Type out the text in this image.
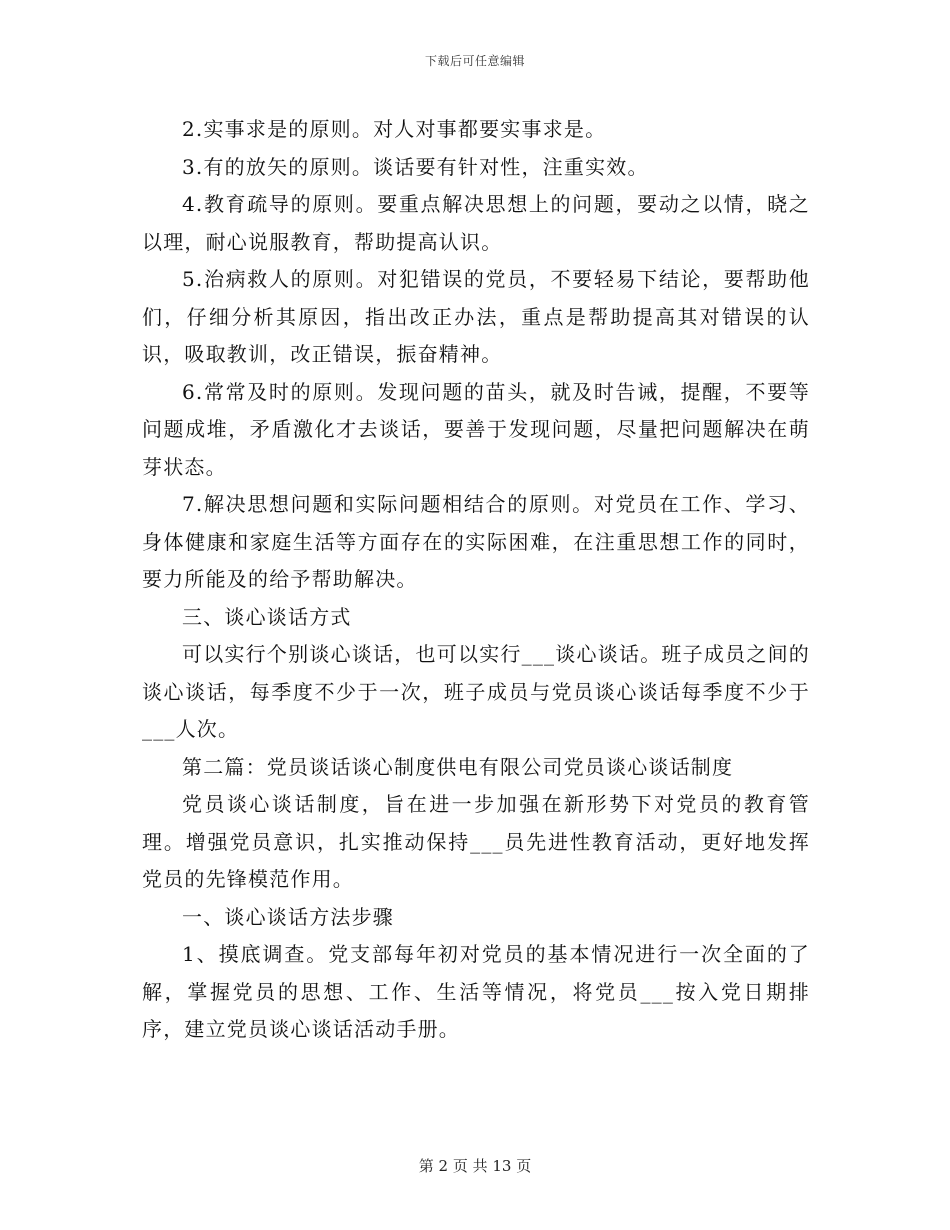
下载后可任意编辑

2.实事求是的原则。对人对事都要实事求是。

3.有的放矢的原则。谈话要有针对性，注重实效。

4.教育疏导的原则。要重点解决思想上的问题，要动之以情，晓之以理，耐心说服教育，帮助提高认识。

5.治病救人的原则。对犯错误的党员，不要轻易下结论，要帮助他们，仔细分析其原因，指出改正办法，重点是帮助提高其对错误的认识，吸取教训，改正错误，振奋精神。

6.常常及时的原则。发现问题的苗头，就及时告诫，提醒，不要等问题成堆，矛盾激化才去谈话，要善于发现问题，尽量把问题解决在萌芽状态。

7.解决思想问题和实际问题相结合的原则。对党员在工作、学习、身体健康和家庭生活等方面存在的实际困难，在注重思想工作的同时，要力所能及的给予帮助解决。

三、谈心谈话方式

可以实行个别谈心谈话，也可以实行___谈心谈话。班子成员之间的谈心谈话，每季度不少于一次，班子成员与党员谈心谈话每季度不少于___人次。

第二篇：党员谈话谈心制度供电有限公司党员谈心谈话制度

党员谈心谈话制度，旨在进一步加强在新形势下对党员的教育管理。增强党员意识，扎实推动保持___员先进性教育活动，更好地发挥党员的先锋模范作用。

一、谈心谈话方法步骤

1、摸底调查。党支部每年初对党员的基本情况进行一次全面的了解，掌握党员的思想、工作、生活等情况，将党员___按入党日期排序，建立党员谈心谈话活动手册。

第 2 页 共 13 页
